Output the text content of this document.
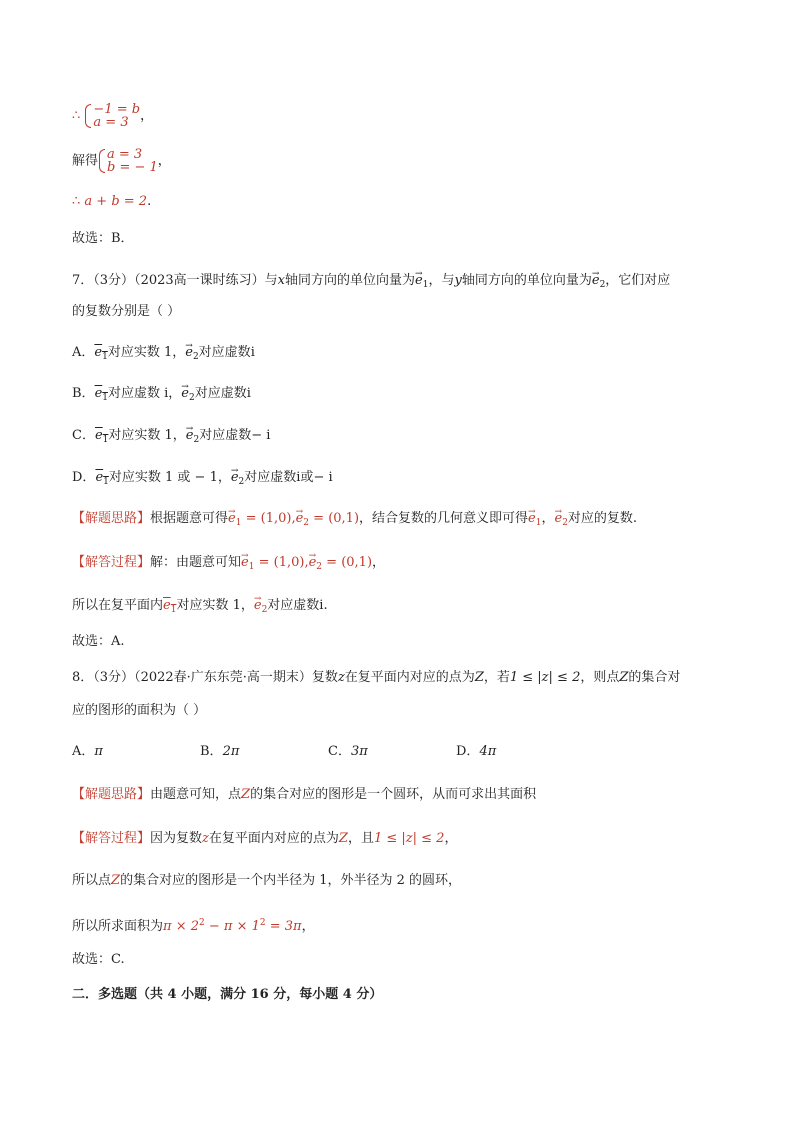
∴ −1 = b
a = 3 ，
解得 a = 3
b = − 1 ，
∴ a + b = 2.
故选：B．
7．（3分）（2023高一课时练习）与x轴同方向的单位向量为→ $e_1$，与y轴同方向的单位向量为→ $e_2$，它们对应
的复数分别是（ ）
A．$e_1$对应实数 1，→ $e_2$对应虚数i
B．$e_1$对应虚数 i，→ $e_2$对应虚数i
C．$e_1$对应实数 1，→ $e_2$对应虚数− i
D．$e_1$对应实数 1 或 − 1，→ $e_2$对应虚数i或− i
【解题思路】根据题意可得→ $e_1 = (1,0),\to e_2 = (0,1)$，结合复数的几何意义即可得→ $e_1$，→ $e_2$对应的复数.
【解答过程】解：由题意可知→ $e_1 = (1,0),\to e_2 = (0,1)$，
所以在复平面内$e_1$对应实数 1，→ $e_2$对应虚数i.
故选：A.
8．（3分）（2022春·广东东莞·高一期末）复数z在复平面内对应的点为Z，若1 ≤ |z| ≤ 2，则点Z的集合对
应的图形的面积为（ ）
A．π	B．2π	C．3π	D．4π
【解题思路】由题意可知，点Z的集合对应的图形是一个圆环，从而可求出其面积
【解答过程】因为复数z在复平面内对应的点为Z，且1 ≤ |z| ≤ 2，
所以点Z的集合对应的图形是一个内半径为 1，外半径为 2 的圆环，
所以所求面积为$\pi \times 2^2 - \pi \times 1^2 = 3\pi$，
故选：C.
二．多选题（共 4 小题，满分 16 分，每小题 4 分）
